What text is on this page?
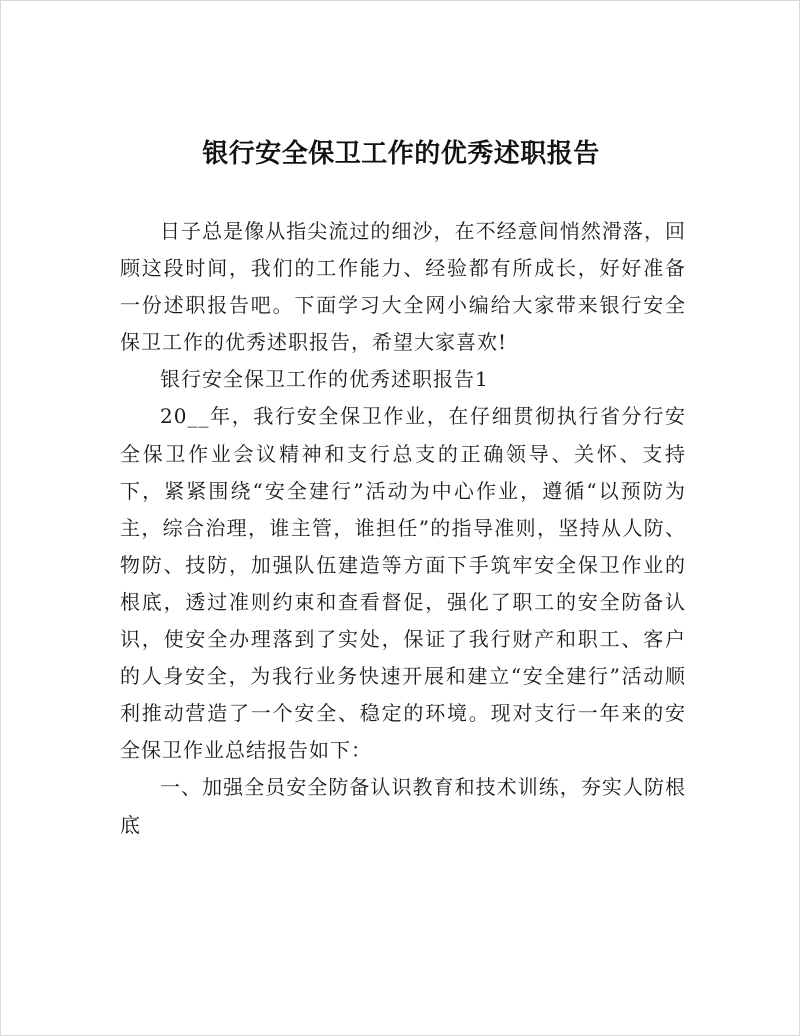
银行安全保卫工作的优秀述职报告

日子总是像从指尖流过的细沙，在不经意间悄然滑落，回顾这段时间，我们的工作能力、经验都有所成长，好好准备一份述职报告吧。下面学习大全网小编给大家带来银行安全保卫工作的优秀述职报告，希望大家喜欢!

银行安全保卫工作的优秀述职报告1

20__年，我行安全保卫作业，在仔细贯彻执行省分行安全保卫作业会议精神和支行总支的正确领导、关怀、支持下，紧紧围绕“安全建行”活动为中心作业，遵循“以预防为主，综合治理，谁主管，谁担任”的指导准则，坚持从人防、物防、技防，加强队伍建造等方面下手筑牢安全保卫作业的根底，透过准则约束和查看督促，强化了职工的安全防备认识，使安全办理落到了实处，保证了我行财产和职工、客户的人身安全，为我行业务快速开展和建立“安全建行”活动顺利推动营造了一个安全、稳定的环境。现对支行一年来的安全保卫作业总结报告如下：

一、加强全员安全防备认识教育和技术训练，夯实人防根底
